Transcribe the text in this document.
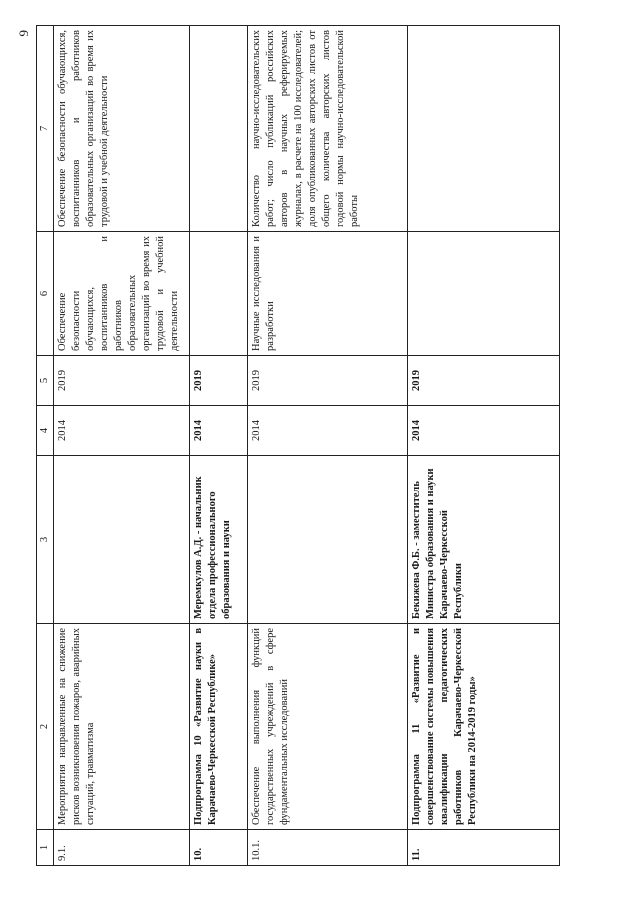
9
1	2	3	4	5	6	7
9.1.	Мероприятия направленные на снижение рисков возникновения пожаров, аварийных ситуаций, травматизма		2014	2019	Обеспечение безопасности обучающихся, воспитанников и работников образовательных организаций во время их трудовой и учебной деятельности	Обеспечение безопасности обучающихся, воспитанников и работников образовательных организаций во время их трудовой и учебной деятельности
10.	Подпрограмма 10 «Развитие науки в Карачаево-Черкесской Республике»	Меремкулов А.Д. - начальник отдела профессионального образования и науки	2014	2019		
10.1.	Обеспечение выполнения функций государственных учреждений в сфере фундаментальных исследований		2014	2019	Научные исследования и разработки	Количество научно-исследовательских работ; число публикаций российских авторов в научных реферируемых журналах, в расчете на 100 исследователей; доля опубликованных авторских листов от общего количества авторских листов годовой нормы научно-исследовательской работы
11.	Подпрограмма 11 «Развитие и совершенствование системы повышения квалификации педагогических работников Карачаево-Черкесской Республики на 2014-2019 годы»	Бекижева Ф.Б. - заместитель Министра образования и науки Карачаево-Черкесской Республики	2014	2019		
